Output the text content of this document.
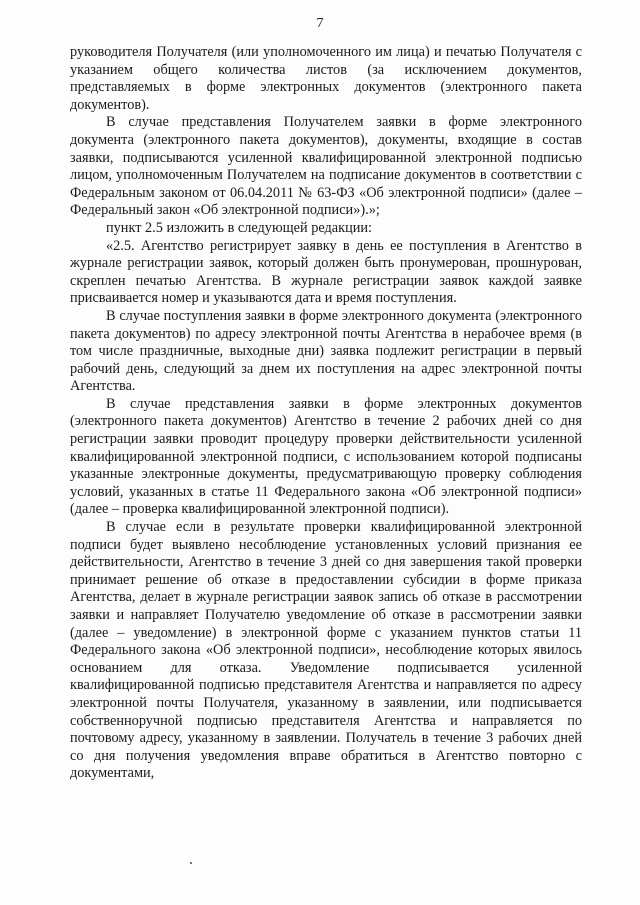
7

руководителя Получателя (или уполномоченного им лица) и печатью Получателя с указанием общего количества листов (за исключением документов, представляемых в форме электронных документов (электронного пакета документов).

В случае представления Получателем заявки в форме электронного документа (электронного пакета документов), документы, входящие в состав заявки, подписываются усиленной квалифицированной электронной подписью лицом, уполномоченным Получателем на подписание документов в соответствии с Федеральным законом от 06.04.2011 № 63-ФЗ «Об электронной подписи» (далее – Федеральный закон «Об электронной подписи»).»;

пункт 2.5 изложить в следующей редакции:

«2.5. Агентство регистрирует заявку в день ее поступления в Агентство в журнале регистрации заявок, который должен быть пронумерован, прошнурован, скреплен печатью Агентства. В журнале регистрации заявок каждой заявке присваивается номер и указываются дата и время поступления.

В случае поступления заявки в форме электронного документа (электронного пакета документов) по адресу электронной почты Агентства в нерабочее время (в том числе праздничные, выходные дни) заявка подлежит регистрации в первый рабочий день, следующий за днем их поступления на адрес электронной почты Агентства.

В случае представления заявки в форме электронных документов (электронного пакета документов) Агентство в течение 2 рабочих дней со дня регистрации заявки проводит процедуру проверки действительности усиленной квалифицированной электронной подписи, с использованием которой подписаны указанные электронные документы, предусматривающую проверку соблюдения условий, указанных в статье 11 Федерального закона «Об электронной подписи» (далее – проверка квалифицированной электронной подписи).

В случае если в результате проверки квалифицированной электронной подписи будет выявлено несоблюдение установленных условий признания ее действительности, Агентство в течение 3 дней со дня завершения такой проверки принимает решение об отказе в предоставлении субсидии в форме приказа Агентства, делает в журнале регистрации заявок запись об отказе в рассмотрении заявки и направляет Получателю уведомление об отказе в рассмотрении заявки (далее – уведомление) в электронной форме с указанием пунктов статьи 11 Федерального закона «Об электронной подписи», несоблюдение которых явилось основанием для отказа. Уведомление подписывается усиленной квалифицированной подписью представителя Агентства и направляется по адресу электронной почты Получателя, указанному в заявлении, или подписывается собственноручной подписью представителя Агентства и направляется по почтовому адресу, указанному в заявлении. Получатель в течение 3 рабочих дней со дня получения уведомления вправе обратиться в Агентство повторно с документами,
